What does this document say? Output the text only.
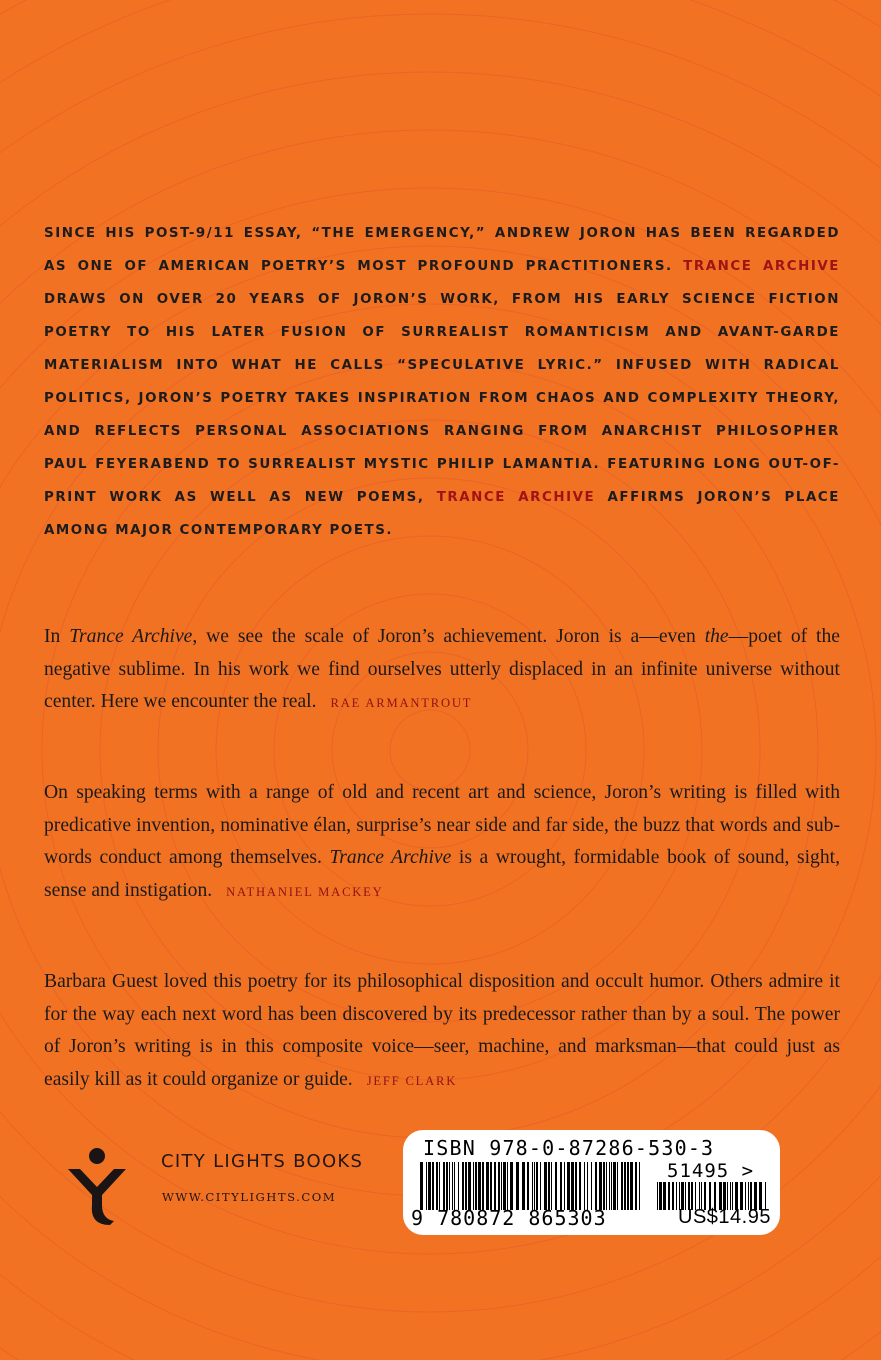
SINCE HIS POST-9/11 ESSAY, “THE EMERGENCY,” ANDREW JORON HAS BEEN REGARDED AS ONE OF AMERICAN POETRY’S MOST PROFOUND PRACTITIONERS. TRANCE ARCHIVE DRAWS ON OVER 20 YEARS OF JORON’S WORK, FROM HIS EARLY SCIENCE FICTION POETRY TO HIS LATER FUSION OF SURREALIST ROMANTICISM AND AVANT-GARDE MATERIALISM INTO WHAT HE CALLS “SPECULATIVE LYRIC.” INFUSED WITH RADICAL POLITICS, JORON’S POETRY TAKES INSPIRATION FROM CHAOS AND COMPLEXITY THEORY, AND REFLECTS PERSONAL ASSOCIATIONS RANGING FROM ANARCHIST PHILOSOPHER PAUL FEYERABEND TO SURREALIST MYSTIC PHILIP LAMANTIA. FEATURING LONG OUT-OF-PRINT WORK AS WELL AS NEW POEMS, TRANCE ARCHIVE AFFIRMS JORON’S PLACE AMONG MAJOR CONTEMPORARY POETS.

In Trance Archive, we see the scale of Joron’s achievement. Joron is a—even the—poet of the negative sublime. In his work we find ourselves utterly displaced in an infinite universe without center. Here we encounter the real. RAE ARMANTROUT

On speaking terms with a range of old and recent art and science, Joron’s writing is filled with predicative invention, nominative élan, surprise’s near side and far side, the buzz that words and sub-words conduct among themselves. Trance Archive is a wrought, formidable book of sound, sight, sense and instigation. NATHANIEL MACKEY

Barbara Guest loved this poetry for its philosophical disposition and occult humor. Others admire it for the way each next word has been discovered by its predecessor rather than by a soul. The power of Joron’s writing is in this composite voice—seer, machine, and marksman—that could just as easily kill as it could organize or guide. JEFF CLARK

CITY LIGHTS BOOKS

WWW.CITYLIGHTS.COM

ISBN 978-0-87286-530-3
51495 >
9 780872 865303	US$14.95
